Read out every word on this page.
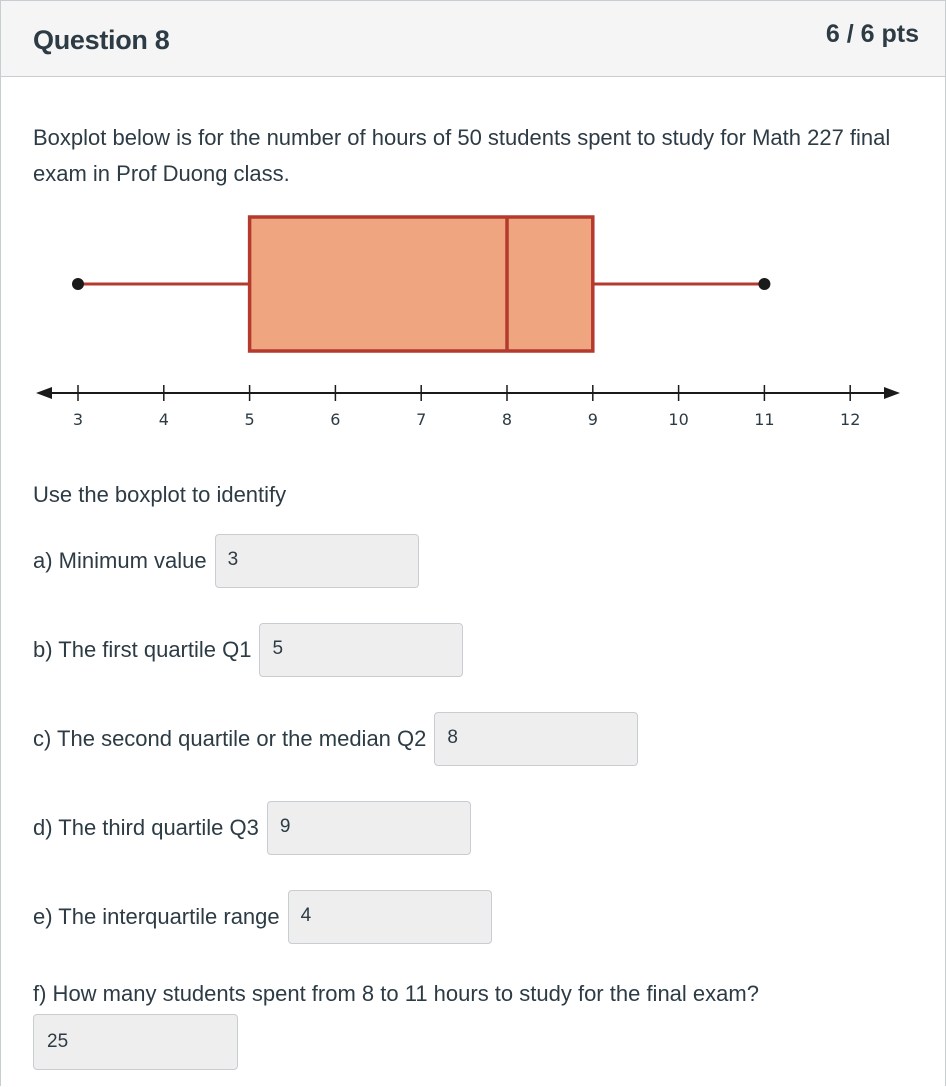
Question 8	6 / 6 pts
Boxplot below is for the number of hours of 50 students spent to study for Math 227 final exam in Prof Duong class.
3	4	5	6	7	8	9	10	11	12
Use the boxplot to identify
a) Minimum value 3
b) The first quartile Q1 5
c) The second quartile or the median Q2 8
d) The third quartile Q3 9
e) The interquartile range 4
f) How many students spent from 8 to 11 hours to study for the final exam?
25
